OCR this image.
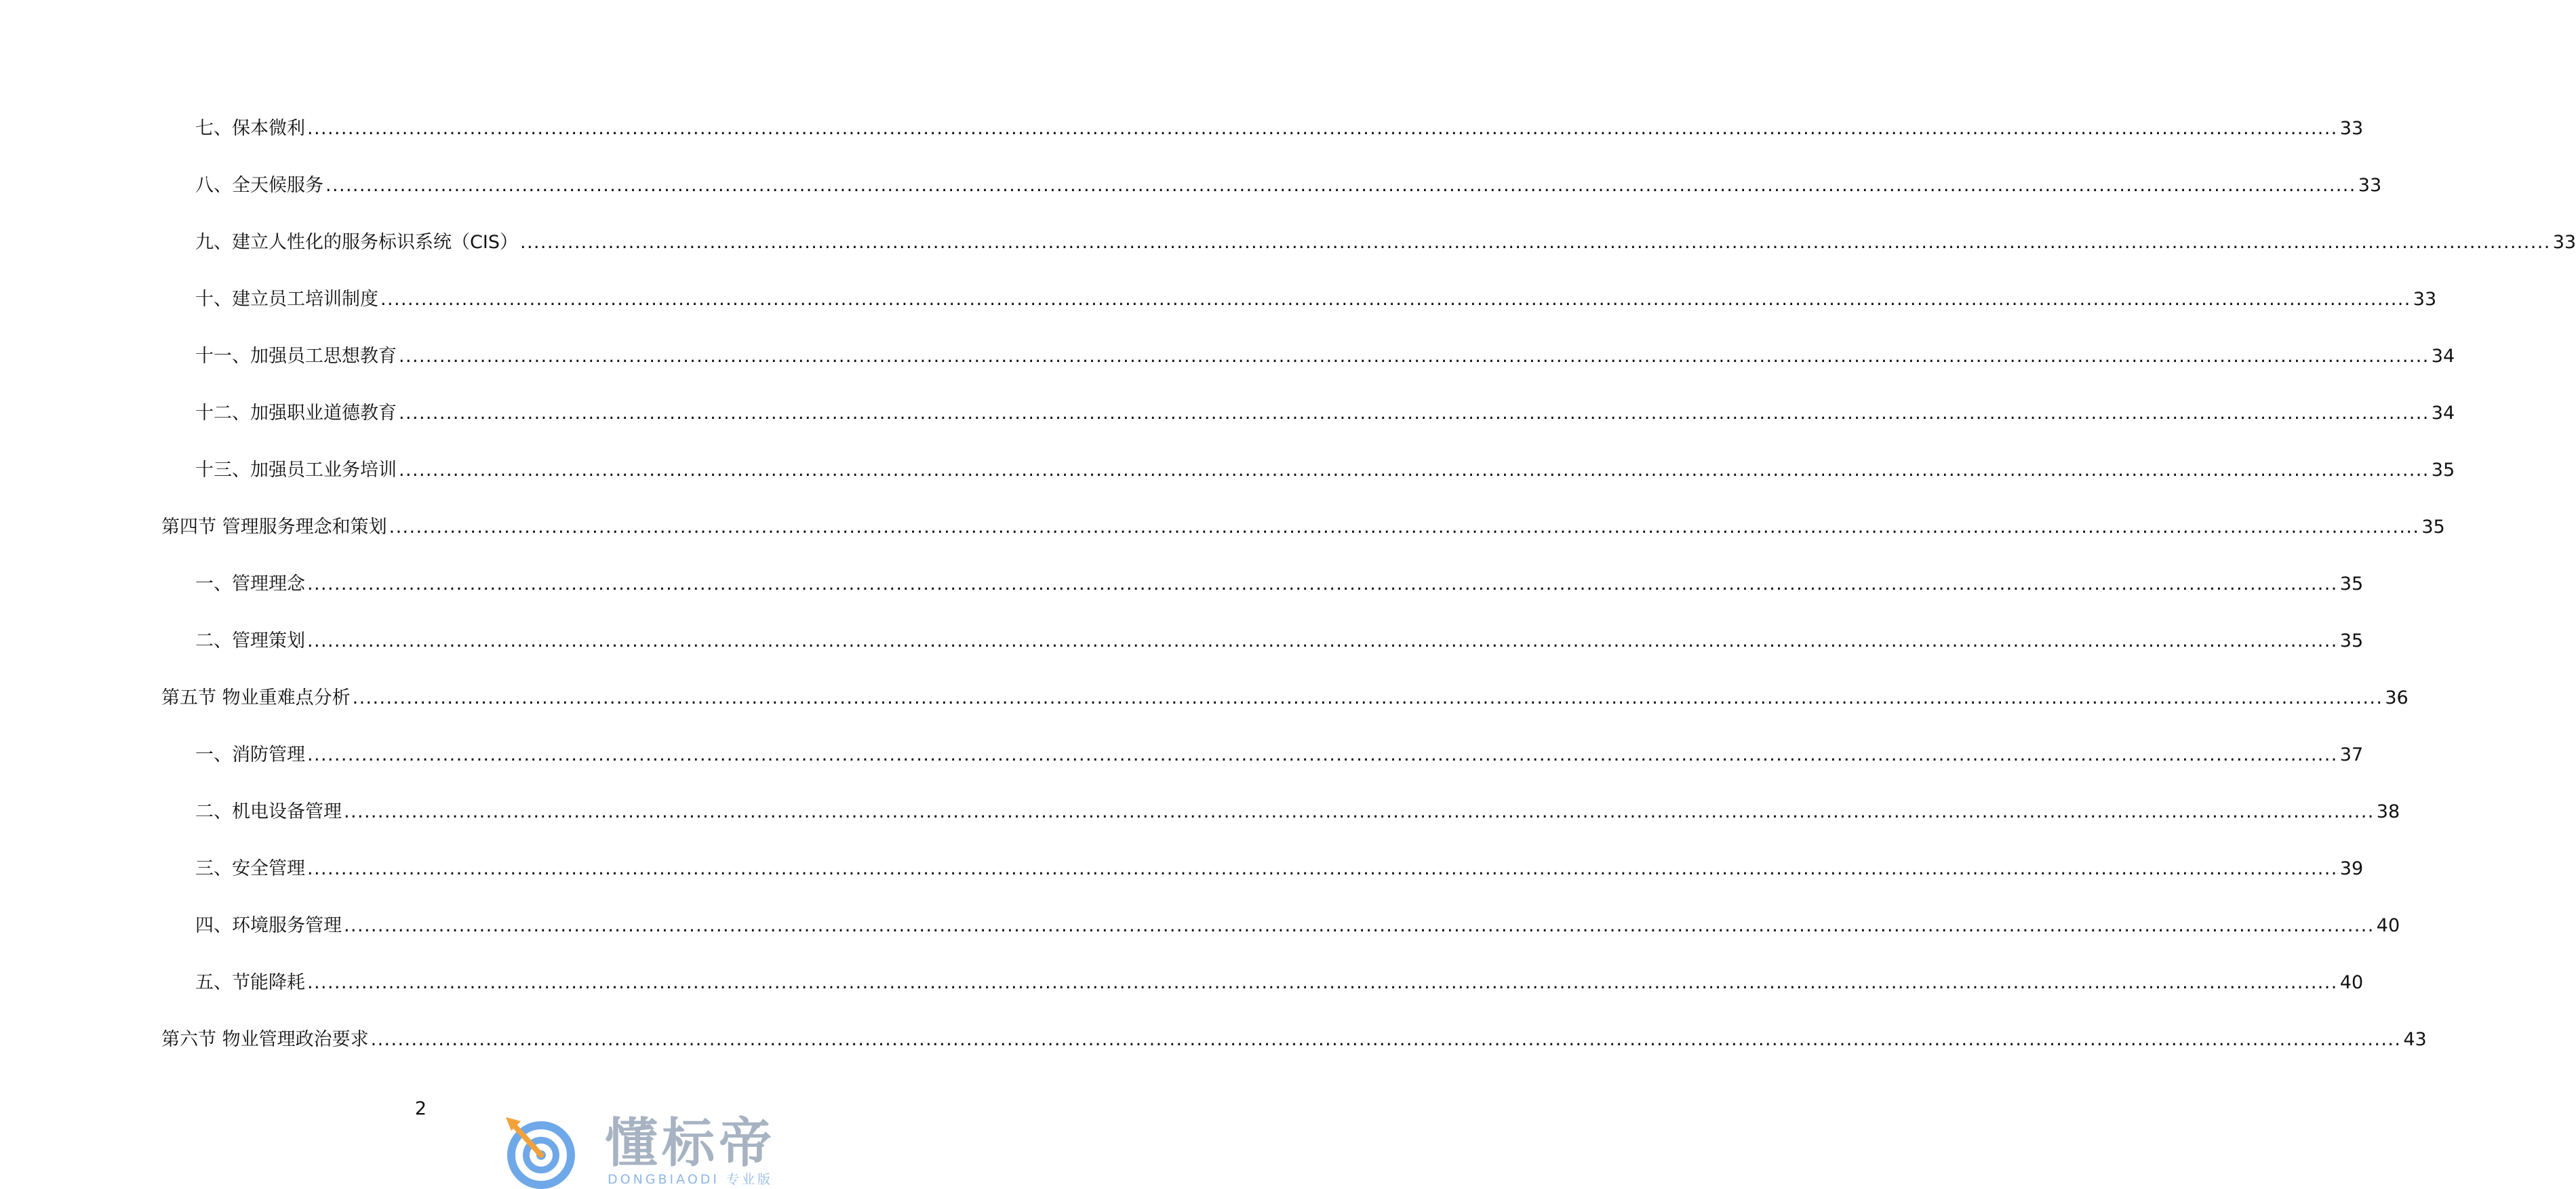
七、保本微利 ............................................................................................................................................................................................................................................................................................................ 33
八、全天候服务 ............................................................................................................................................................................................................................................................................................................ 33
九、建立人性化的服务标识系统（CIS） ............................................................................................................................................................................................................................................................................................................ 33
十、建立员工培训制度 ............................................................................................................................................................................................................................................................................................................ 33
十一、加强员工思想教育 ............................................................................................................................................................................................................................................................................................................ 34
十二、加强职业道德教育 ............................................................................................................................................................................................................................................................................................................ 34
十三、加强员工业务培训 ............................................................................................................................................................................................................................................................................................................ 35
第四节 管理服务理念和策划 ............................................................................................................................................................................................................................................................................................................ 35
一、管理理念 ............................................................................................................................................................................................................................................................................................................ 35
二、管理策划 ............................................................................................................................................................................................................................................................................................................ 35
第五节 物业重难点分析 ............................................................................................................................................................................................................................................................................................................ 36
一、消防管理 ............................................................................................................................................................................................................................................................................................................ 37
二、机电设备管理 ............................................................................................................................................................................................................................................................................................................ 38
三、安全管理 ............................................................................................................................................................................................................................................................................................................ 39
四、环境服务管理 ............................................................................................................................................................................................................................................................................................................ 40
五、节能降耗 ............................................................................................................................................................................................................................................................................................................ 40
第六节 物业管理政治要求 ............................................................................................................................................................................................................................................................................................................ 43
2
懂标帝
DONGBIAODI 专业版
